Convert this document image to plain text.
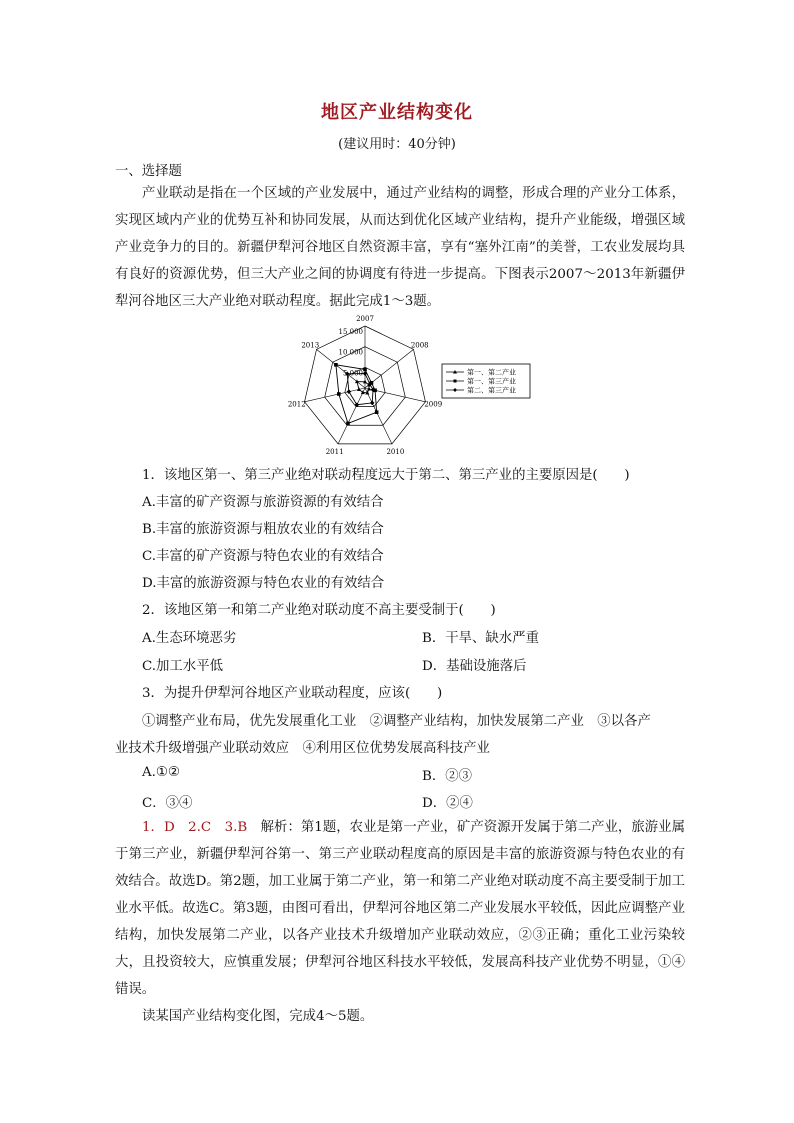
地区产业结构变化
(建议用时：40分钟)
一、选择题
产业联动是指在一个区域的产业发展中，通过产业结构的调整，形成合理的产业分工体系，实现区域内产业的优势互补和协同发展，从而达到优化区域产业结构，提升产业能级，增强区域产业竞争力的目的。新疆伊犁河谷地区自然资源丰富，享有“塞外江南”的美誉，工农业发展均具有良好的资源优势，但三大产业之间的协调度有待进一步提高。下图表示2007～2013年新疆伊犁河谷地区三大产业绝对联动程度。据此完成1～3题。
2007
2008
2009
2010
2011
2012
2013
15 000
10 000
5 000	第一、第二产业
第一、第三产业
第二、第三产业
1．该地区第一、第三产业绝对联动程度远大于第二、第三产业的主要原因是(　　)
A.丰富的矿产资源与旅游资源的有效结合
B.丰富的旅游资源与粗放农业的有效结合
C.丰富的矿产资源与特色农业的有效结合
D.丰富的旅游资源与特色农业的有效结合
2．该地区第一和第二产业绝对联动度不高主要受制于(　　)
A.生态环境恶劣	B．干旱、缺水严重
C.加工水平低	D．基础设施落后
3．为提升伊犁河谷地区产业联动程度，应该(　　)
①调整产业布局，优先发展重化工业　②调整产业结构，加快发展第二产业　③以各产
业技术升级增强产业联动效应　④利用区位优势发展高科技产业
A.①②	B．②③
C．③④	D．②④
1．D　2.C　3.B　解析：第1题，农业是第一产业，矿产资源开发属于第二产业，旅游业属于第三产业，新疆伊犁河谷第一、第三产业联动程度高的原因是丰富的旅游资源与特色农业的有效结合。故选D。第2题，加工业属于第二产业，第一和第二产业绝对联动度不高主要受制于加工业水平低。故选C。第3题，由图可看出，伊犁河谷地区第二产业发展水平较低，因此应调整产业结构，加快发展第二产业，以各产业技术升级增加产业联动效应，②③正确；重化工业污染较大，且投资较大，应慎重发展；伊犁河谷地区科技水平较低，发展高科技产业优势不明显，①④错误。
读某国产业结构变化图，完成4～5题。
